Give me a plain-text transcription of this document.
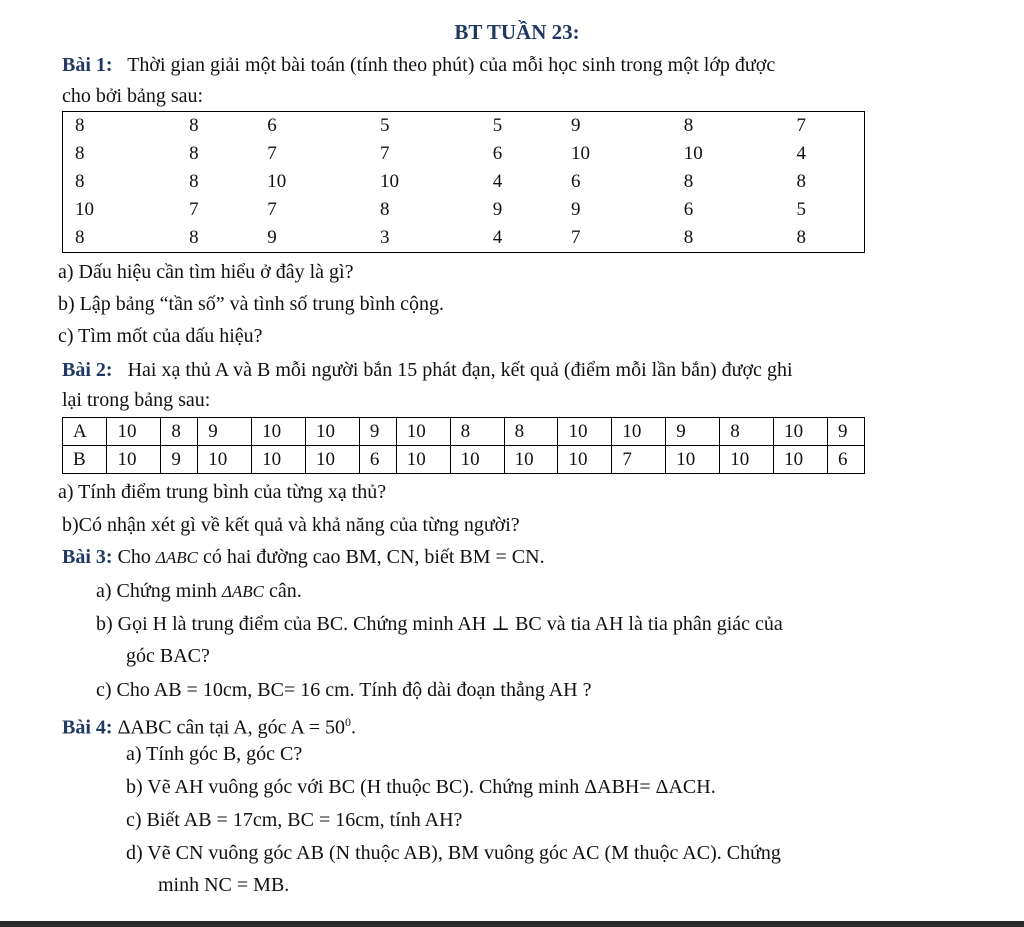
BT TUẦN 23:
Bài 1: Thời gian giải một bài toán (tính theo phút) của mỗi học sinh trong một lớp được
cho bởi bảng sau:
8	8	6	5	5	9	8	7
8	8	7	7	6	10	10	4
8	8	10	10	4	6	8	8
10	7	7	8	9	9	6	5
8	8	9	3	4	7	8	8
a) Dấu hiệu cần tìm hiểu ở đây là gì?
b) Lập bảng “tần số” và tình số trung bình cộng.
c) Tìm mốt của dấu hiệu?
Bài 2: Hai xạ thủ A và B mỗi người bắn 15 phát đạn, kết quả (điểm mỗi lần bắn) được ghi
lại trong bảng sau:
A	10	8	9	10	10	9	10	8	8	10	10	9	8	10	9
B	10	9	10	10	10	6	10	10	10	10	7	10	10	10	6
a) Tính điểm trung bình của từng xạ thủ?
b)Có nhận xét gì về kết quả và khả năng của từng người?
Bài 3: Cho ΔABC có hai đường cao BM, CN, biết BM = CN.
a) Chứng minh ΔABC cân.
b) Gọi H là trung điểm của BC. Chứng minh AH ⊥ BC và tia AH là tia phân giác của
góc BAC?
c) Cho AB = 10cm, BC= 16 cm. Tính độ dài đoạn thẳng AH ?
Bài 4: ΔABC cân tại A, góc $A = 50^0$.
a) Tính góc B, góc C?
b) Vẽ AH vuông góc với BC (H thuộc BC). Chứng minh ΔABH= ΔACH.
c) Biết AB = 17cm, BC = 16cm, tính AH?
d) Vẽ CN vuông góc AB (N thuộc AB), BM vuông góc AC (M thuộc AC). Chứng
minh NC = MB.
